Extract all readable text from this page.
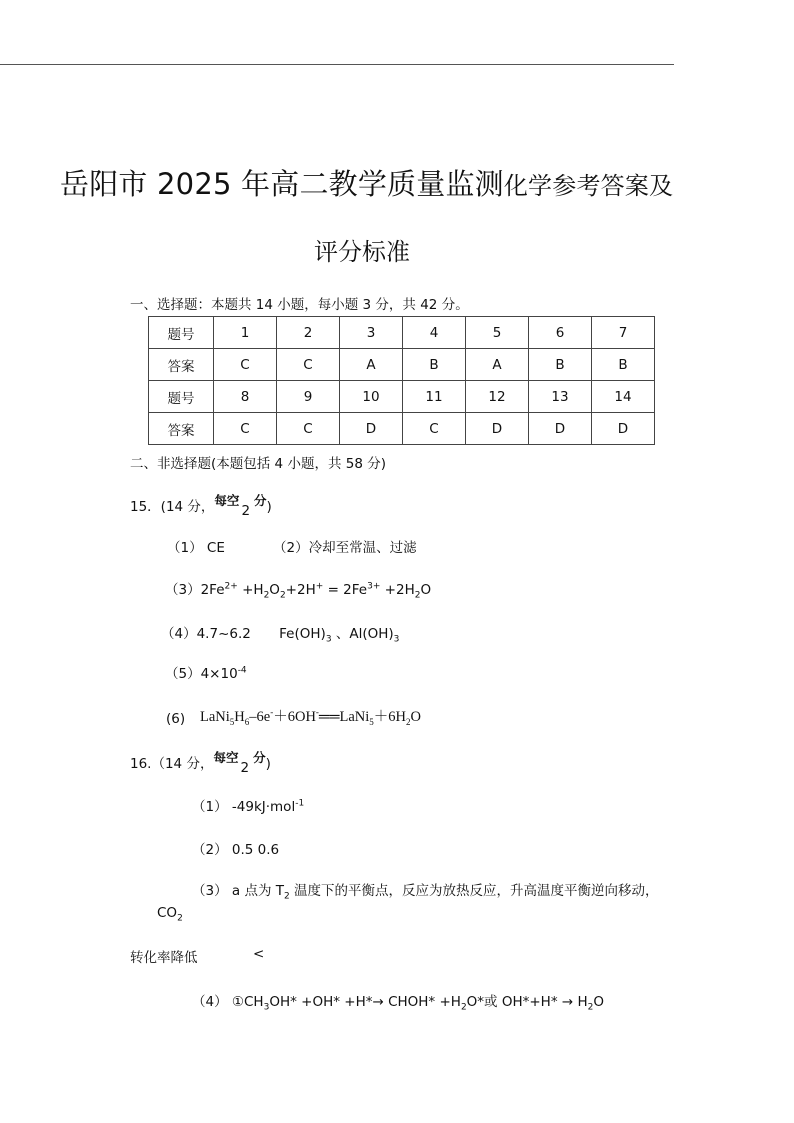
岳阳市 2025 年高二教学质量监测化学参考答案及
评分标准
一、选择题：本题共 14 小题，每小题 3 分，共 42 分。
题号	1	2	3	4	5	6	7
答案	C	C	A	B	A	B	B
题号	8	9	10	11	12	13	14
答案	C	C	D	C	D	D	D
二、非选择题(本题包括 4 小题，共 58 分)
15．(14 分，每空2分)
（1） CE	（2）冷却至常温、过滤
$(3)2Fe^{2+} +H_2O_2+2H^+ = 2Fe^{3+} +2H_2O$
（4）4.7~6.2 $Fe(OH)_3$ 、$Al(OH)_3$
$(5)4\times 10^{-4}$
(6) $LaNi_5H_6-6e^-+6OH^-══LaNi_5+6H_2O$
16.（14 分，每空2分)
（1） -49kJ·mol$^{-1}$
（2） 0.5 0.6
（3） a 点为 $T_2$ 温度下的平衡点，反应为放热反应，升高温度平衡逆向移动，
$CO_2$
转化率降低	<
（4） $①CH_3OH* +OH* +H*\to$ CHOH* $+H_2O*$或 $OH*+H* \to H_2O$
